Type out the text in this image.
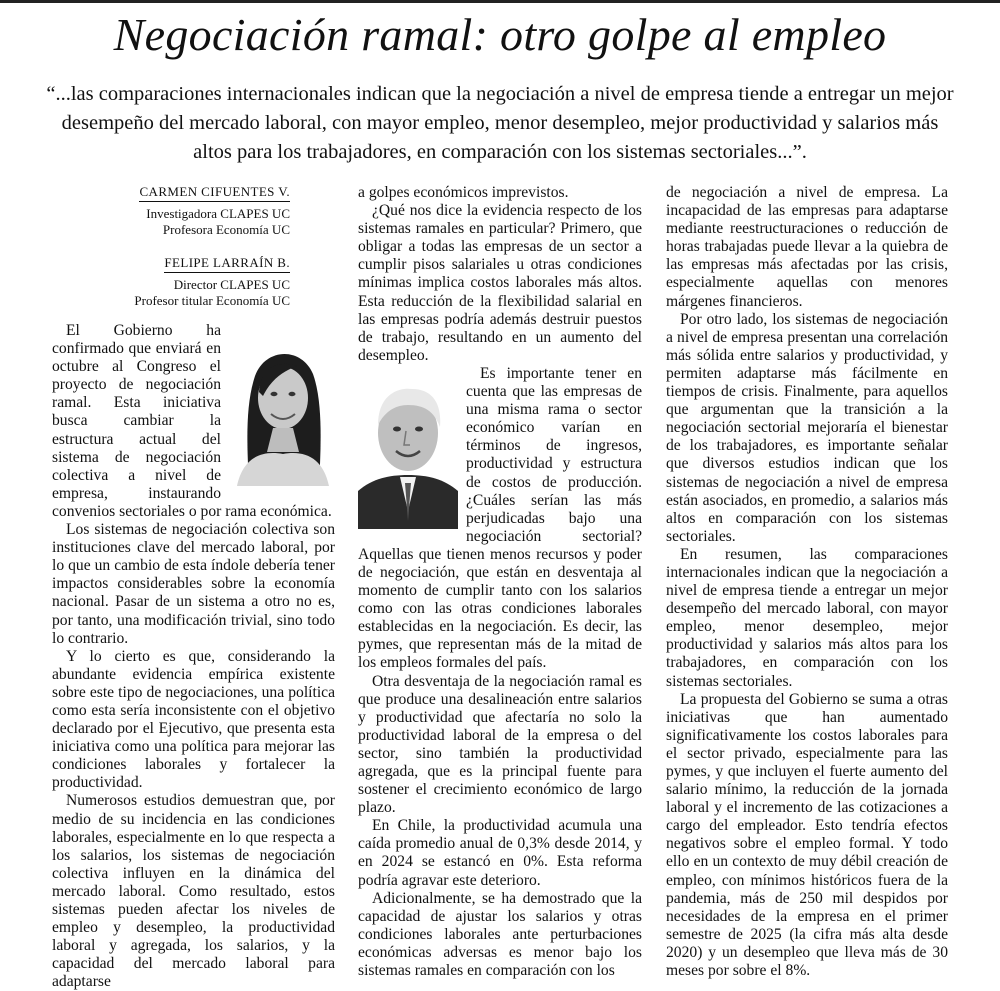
Negociación ramal: otro golpe al empleo
“...las comparaciones internacionales indican que la negociación a nivel de empresa tiende a entregar un mejor desempeño del mercado laboral, con mayor empleo, menor desempleo, mejor productividad y salarios más altos para los trabajadores, en comparación con los sistemas sectoriales...”.
CARMEN CIFUENTES V.
Investigadora CLAPES UC
Profesora Economía UC
FELIPE LARRAÍN B.
Director CLAPES UC
Profesor titular Economía UC

El Gobierno ha confirmado que enviará en octubre al Congreso el proyecto de negociación ramal. Esta iniciativa busca cambiar la estructura actual del sistema de negociación colectiva a nivel de empresa, instaurando convenios sectoriales o por rama económica.

Los sistemas de negociación colectiva son instituciones clave del mercado laboral, por lo que un cambio de esta índole debería tener impactos considerables sobre la economía nacional. Pasar de un sistema a otro no es, por tanto, una modificación trivial, sino todo lo contrario.

Y lo cierto es que, considerando la abundante evidencia empírica existente sobre este tipo de negociaciones, una política como esta sería inconsistente con el objetivo declarado por el Ejecutivo, que presenta esta iniciativa como una política para mejorar las condiciones laborales y fortalecer la productividad.

Numerosos estudios demuestran que, por medio de su incidencia en las condiciones laborales, especialmente en lo que respecta a los salarios, los sistemas de negociación colectiva influyen en la dinámica del mercado laboral. Como resultado, estos sistemas pueden afectar los niveles de empleo y desempleo, la productividad laboral y agregada, los salarios, y la capacidad del mercado laboral para adaptarse

a golpes económicos imprevistos.

¿Qué nos dice la evidencia respecto de los sistemas ramales en particular? Primero, que obligar a todas las empresas de un sector a cumplir pisos salariales u otras condiciones mínimas implica costos laborales más altos. Esta reducción de la flexibilidad salarial en las empresas podría además destruir puestos de trabajo, resultando en un aumento del desempleo.

Es importante tener en cuenta que las empresas de una misma rama o sector económico varían en términos de ingresos, productividad y estructura de costos de producción. ¿Cuáles serían las más perjudicadas bajo una negociación sectorial? Aquellas que tienen menos recursos y poder de negociación, que están en desventaja al momento de cumplir tanto con los salarios como con las otras condiciones laborales establecidas en la negociación. Es decir, las pymes, que representan más de la mitad de los empleos formales del país.

Otra desventaja de la negociación ramal es que produce una desalineación entre salarios y productividad que afectaría no solo la productividad laboral de la empresa o del sector, sino también la productividad agregada, que es la principal fuente para sostener el crecimiento económico de largo plazo.

En Chile, la productividad acumula una caída promedio anual de 0,3% desde 2014, y en 2024 se estancó en 0%. Esta reforma podría agravar este deterioro.

Adicionalmente, se ha demostrado que la capacidad de ajustar los salarios y otras condiciones laborales ante perturbaciones económicas adversas es menor bajo los sistemas ramales en comparación con los

de negociación a nivel de empresa. La incapacidad de las empresas para adaptarse mediante reestructuraciones o reducción de horas trabajadas puede llevar a la quiebra de las empresas más afectadas por las crisis, especialmente aquellas con menores márgenes financieros.

Por otro lado, los sistemas de negociación a nivel de empresa presentan una correlación más sólida entre salarios y productividad, y permiten adaptarse más fácilmente en tiempos de crisis. Finalmente, para aquellos que argumentan que la transición a la negociación sectorial mejoraría el bienestar de los trabajadores, es importante señalar que diversos estudios indican que los sistemas de negociación a nivel de empresa están asociados, en promedio, a salarios más altos en comparación con los sistemas sectoriales.

En resumen, las comparaciones internacionales indican que la negociación a nivel de empresa tiende a entregar un mejor desempeño del mercado laboral, con mayor empleo, menor desempleo, mejor productividad y salarios más altos para los trabajadores, en comparación con los sistemas sectoriales.

La propuesta del Gobierno se suma a otras iniciativas que han aumentado significativamente los costos laborales para el sector privado, especialmente para las pymes, y que incluyen el fuerte aumento del salario mínimo, la reducción de la jornada laboral y el incremento de las cotizaciones a cargo del empleador. Esto tendría efectos negativos sobre el empleo formal. Y todo ello en un contexto de muy débil creación de empleo, con mínimos históricos fuera de la pandemia, más de 250 mil despidos por necesidades de la empresa en el primer semestre de 2025 (la cifra más alta desde 2020) y un desempleo que lleva más de 30 meses por sobre el 8%.
